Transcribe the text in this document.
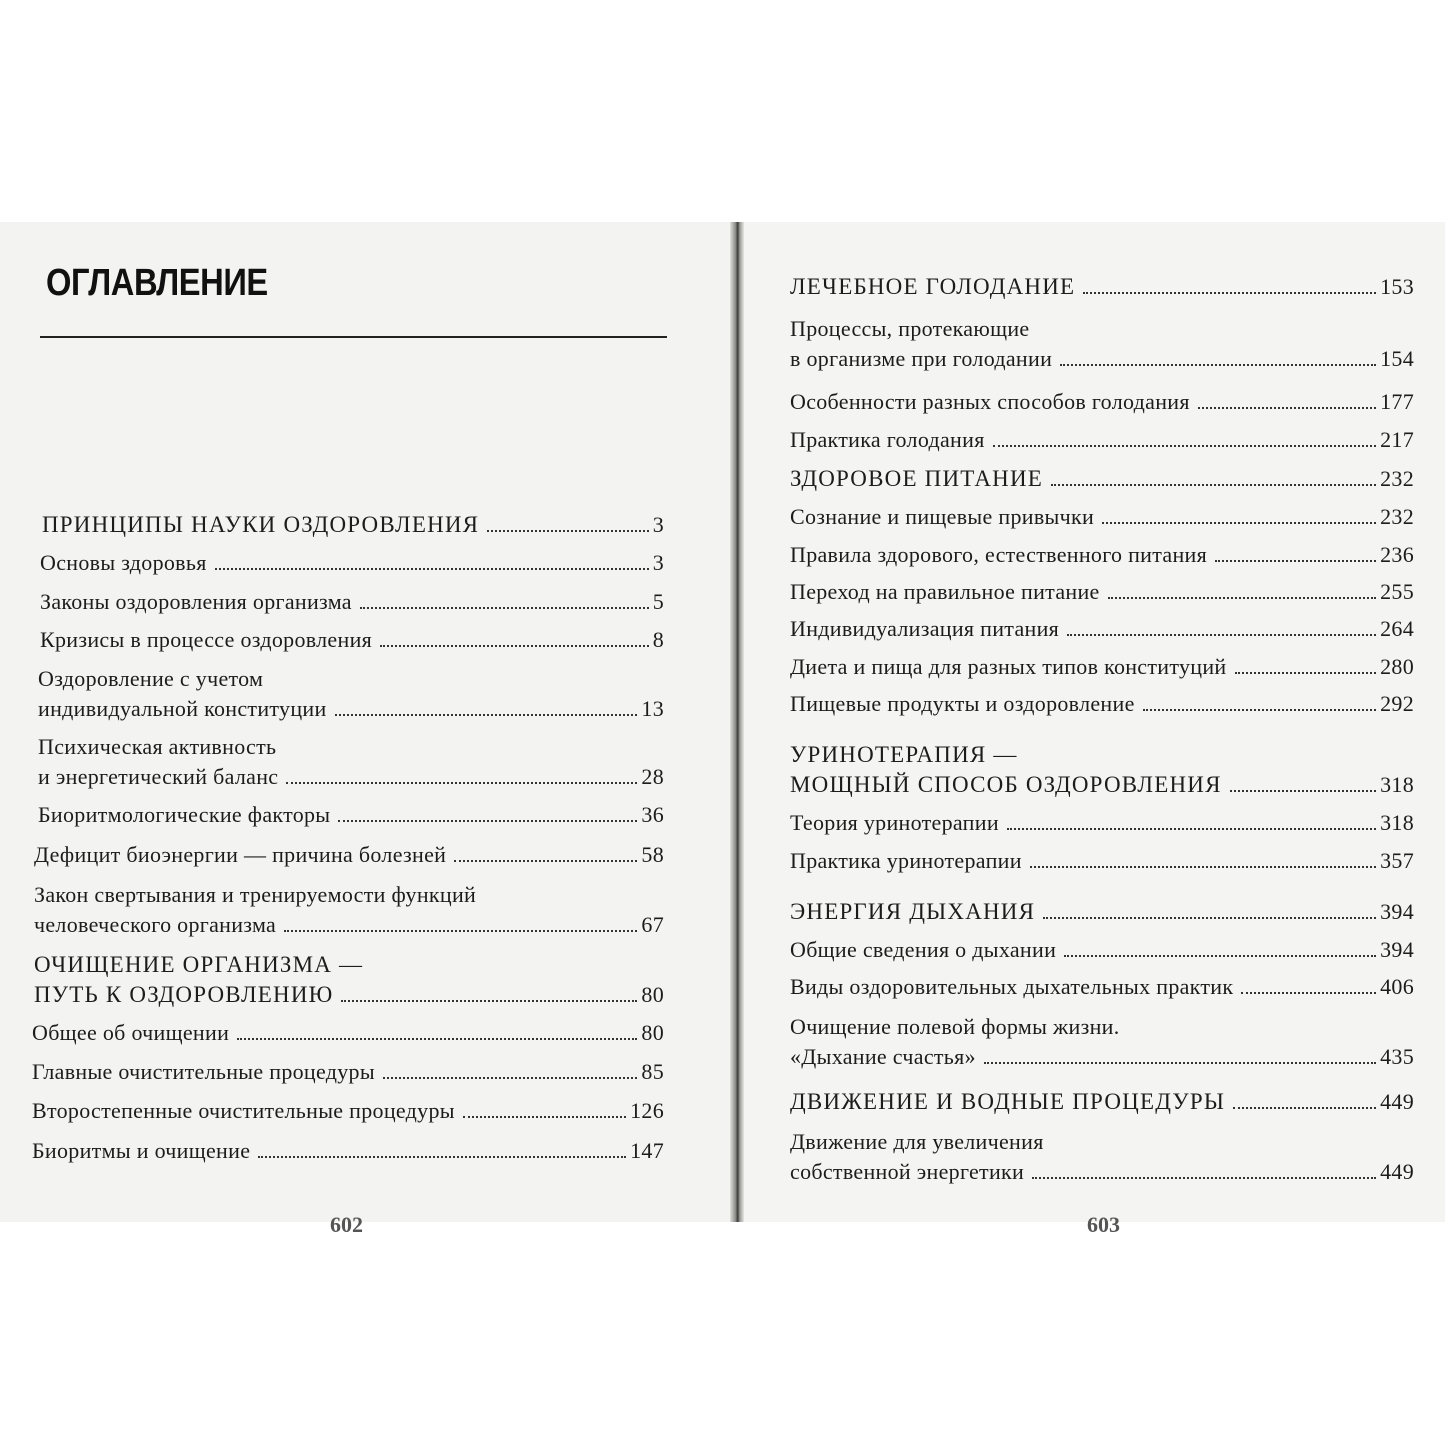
ОГЛАВЛЕНИЕ
ПРИНЦИПЫ НАУКИ ОЗДОРОВЛЕНИЯ	3
Основы здоровья	3
Законы оздоровления организма	5
Кризисы в процессе оздоровления	8
Оздоровление с учетом
индивидуальной конституции	13
Психическая активность
и энергетический баланс	28
Биоритмологические факторы	36
Дефицит биоэнергии — причина болезней	58
Закон свертывания и тренируемости функций
человеческого организма	67
ОЧИЩЕНИЕ ОРГАНИЗМА —
ПУТЬ К ОЗДОРОВЛЕНИЮ	80
Общее об очищении	80
Главные очистительные процедуры	85
Второстепенные очистительные процедуры	126
Биоритмы и очищение	147
602
ЛЕЧЕБНОЕ ГОЛОДАНИЕ	153
Процессы, протекающие
в организме при голодании	154
Особенности разных способов голодания	177
Практика голодания	217
ЗДОРОВОЕ ПИТАНИЕ	232
Сознание и пищевые привычки	232
Правила здорового, естественного питания	236
Переход на правильное питание	255
Индивидуализация питания	264
Диета и пища для разных типов конституций	280
Пищевые продукты и оздоровление	292
УРИНОТЕРАПИЯ —
МОЩНЫЙ СПОСОБ ОЗДОРОВЛЕНИЯ	318
Теория уринотерапии	318
Практика уринотерапии	357
ЭНЕРГИЯ ДЫХАНИЯ	394
Общие сведения о дыхании	394
Виды оздоровительных дыхательных практик	406
Очищение полевой формы жизни.
«Дыхание счастья»	435
ДВИЖЕНИЕ И ВОДНЫЕ ПРОЦЕДУРЫ	449
Движение для увеличения
собственной энергетики	449
603
